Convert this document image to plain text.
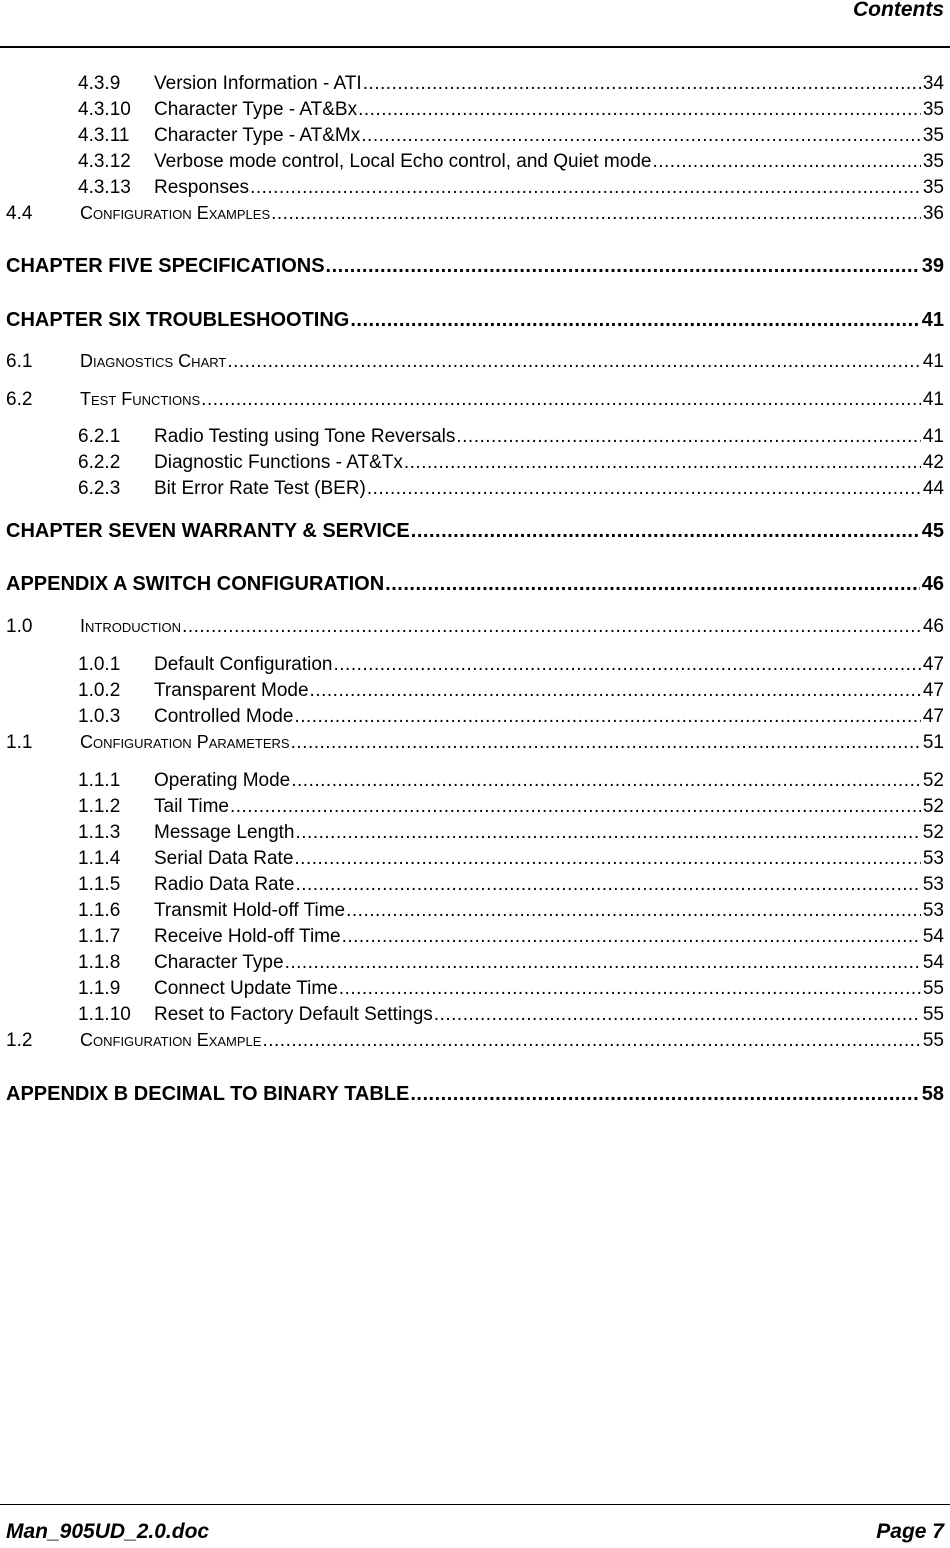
Contents
4.3.9	Version Information - ATI .....	34
4.3.10	Character Type - AT&Bx .....	35
4.3.11	Character Type - AT&Mx .....	35
4.3.12	Verbose mode control, Local Echo control, and Quiet mode .....	35
4.3.13	Responses .....	35
4.4	Configuration Examples .....	36
CHAPTER FIVE SPECIFICATIONS .....	39
CHAPTER SIX TROUBLESHOOTING .....	41
6.1	Diagnostics Chart .....	41
6.2	Test Functions .....	41
6.2.1	Radio Testing using Tone Reversals .....	41
6.2.2	Diagnostic Functions - AT&Tx .....	42
6.2.3	Bit Error Rate Test (BER) .....	44
CHAPTER SEVEN WARRANTY & SERVICE .....	45
APPENDIX A SWITCH CONFIGURATION .....	46
1.0	Introduction .....	46
1.0.1	Default Configuration .....	47
1.0.2	Transparent Mode .....	47
1.0.3	Controlled Mode .....	47
1.1	Configuration Parameters .....	51
1.1.1	Operating Mode .....	52
1.1.2	Tail Time .....	52
1.1.3	Message Length .....	52
1.1.4	Serial Data Rate .....	53
1.1.5	Radio Data Rate .....	53
1.1.6	Transmit Hold-off Time .....	53
1.1.7	Receive Hold-off Time .....	54
1.1.8	Character Type .....	54
1.1.9	Connect Update Time .....	55
1.1.10	Reset to Factory Default Settings .....	55
1.2	Configuration Example .....	55
APPENDIX B DECIMAL TO BINARY TABLE .....	58
Man_905UD_2.0.doc	Page 7
